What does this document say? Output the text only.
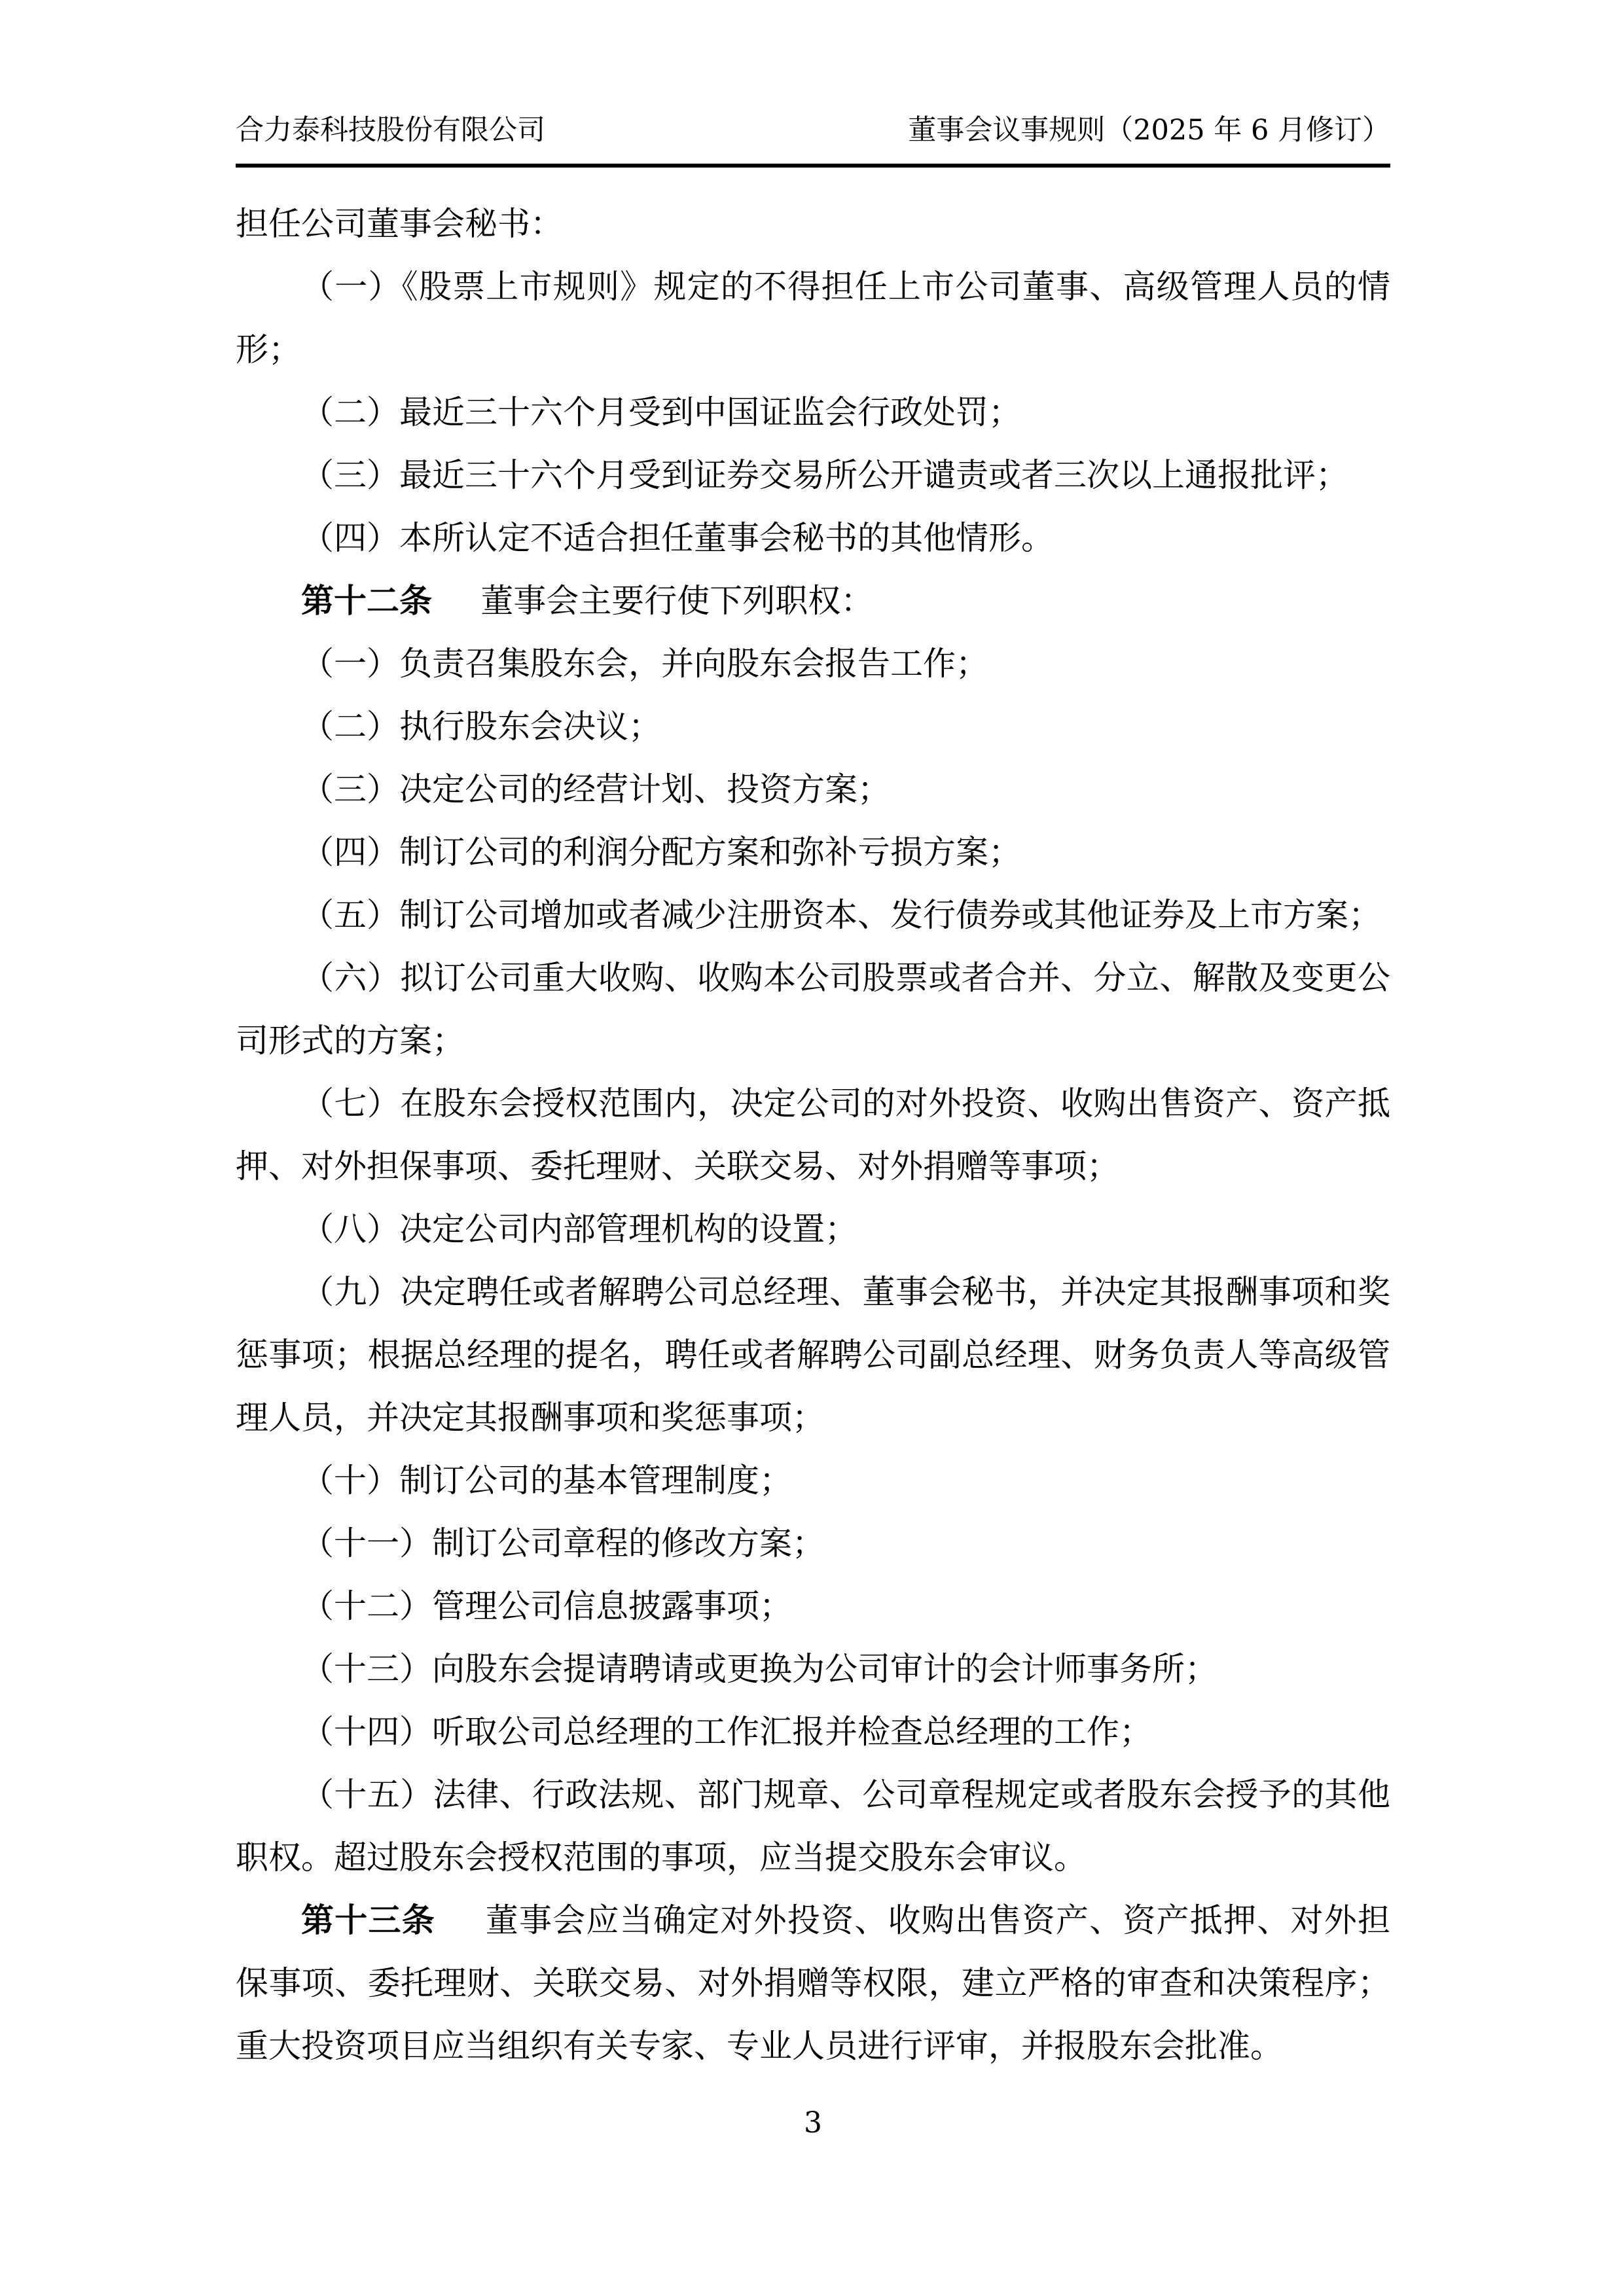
合力泰科技股份有限公司	董事会议事规则（2025 年 6 月修订）

担任公司董事会秘书：

（一）《股票上市规则》规定的不得担任上市公司董事、高级管理人员的情形；

（二）最近三十六个月受到中国证监会行政处罚；

（三）最近三十六个月受到证券交易所公开谴责或者三次以上通报批评；

（四）本所认定不适合担任董事会秘书的其他情形。

第十二条 董事会主要行使下列职权：

（一）负责召集股东会，并向股东会报告工作；

（二）执行股东会决议；

（三）决定公司的经营计划、投资方案；

（四）制订公司的利润分配方案和弥补亏损方案；

（五）制订公司增加或者减少注册资本、发行债券或其他证券及上市方案；

（六）拟订公司重大收购、收购本公司股票或者合并、分立、解散及变更公司形式的方案；

（七）在股东会授权范围内，决定公司的对外投资、收购出售资产、资产抵押、对外担保事项、委托理财、关联交易、对外捐赠等事项；

（八）决定公司内部管理机构的设置；

（九）决定聘任或者解聘公司总经理、董事会秘书，并决定其报酬事项和奖惩事项；根据总经理的提名，聘任或者解聘公司副总经理、财务负责人等高级管理人员，并决定其报酬事项和奖惩事项；

（十）制订公司的基本管理制度；

（十一）制订公司章程的修改方案；

（十二）管理公司信息披露事项；

（十三）向股东会提请聘请或更换为公司审计的会计师事务所；

（十四）听取公司总经理的工作汇报并检查总经理的工作；

（十五）法律、行政法规、部门规章、公司章程规定或者股东会授予的其他职权。超过股东会授权范围的事项，应当提交股东会审议。

第十三条 董事会应当确定对外投资、收购出售资产、资产抵押、对外担保事项、委托理财、关联交易、对外捐赠等权限，建立严格的审查和决策程序；重大投资项目应当组织有关专家、专业人员进行评审，并报股东会批准。

3
